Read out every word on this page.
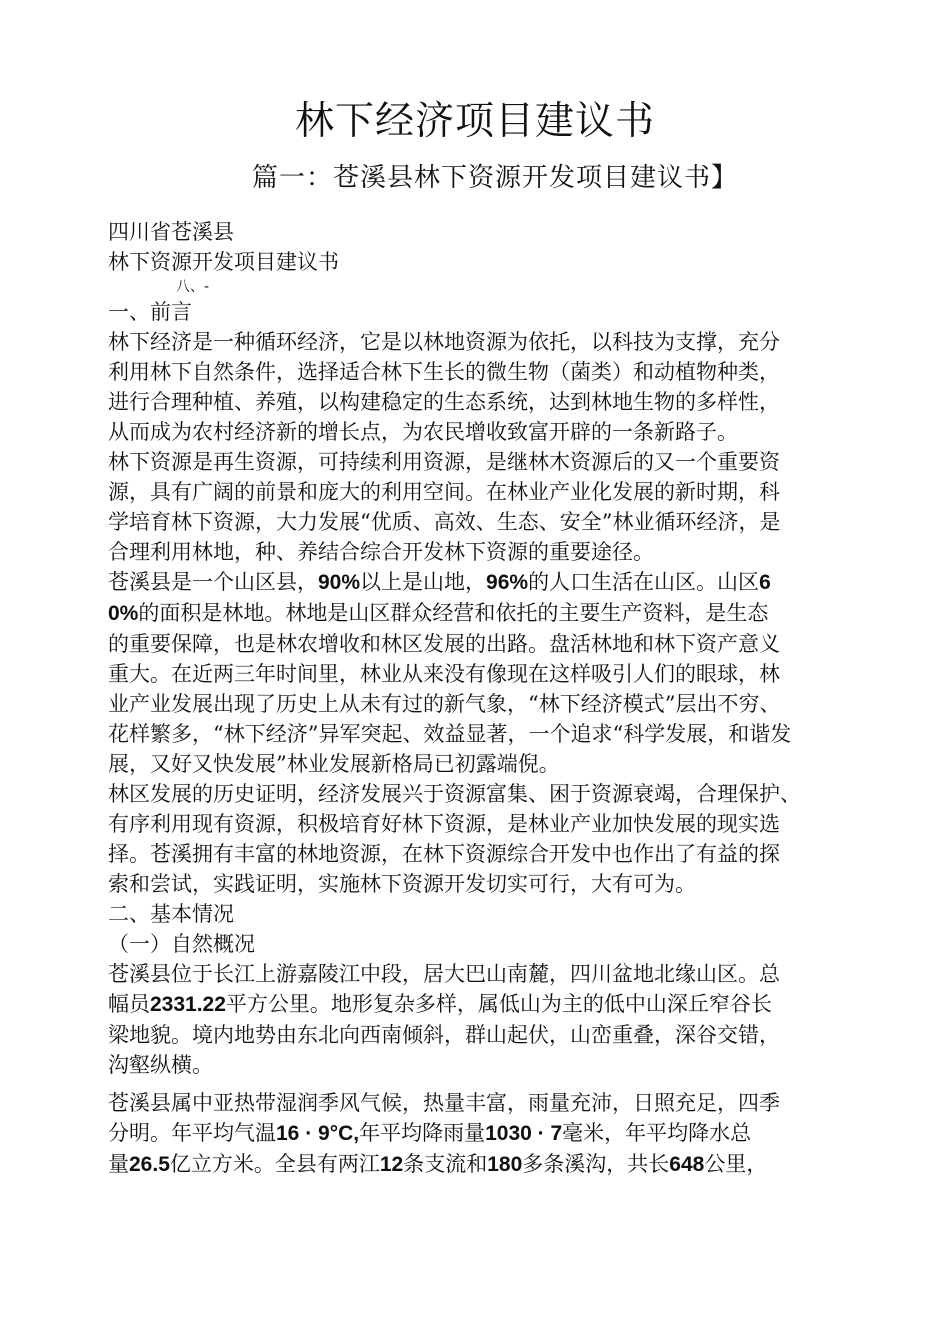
林下经济项目建议书
篇一：苍溪县林下资源开发项目建议书】

四川省苍溪县

林下资源开发项目建议书

八、-

一、前言

林下经济是一种循环经济，它是以林地资源为依托，以科技为支撑，充分

利用林下自然条件，选择适合林下生长的微生物（菌类）和动植物种类，

进行合理种植、养殖，以构建稳定的生态系统，达到林地生物的多样性，

从而成为农村经济新的增长点，为农民增收致富开辟的一条新路子。

林下资源是再生资源，可持续利用资源，是继林木资源后的又一个重要资

源，具有广阔的前景和庞大的利用空间。在林业产业化发展的新时期，科

学培育林下资源，大力发展“优质、高效、生态、安全”林业循环经济，是

合理利用林地，种、养结合综合开发林下资源的重要途径。

苍溪县是一个山区县，90%以上是山地，96%的人口生活在山区。山区6

0%的面积是林地。林地是山区群众经营和依托的主要生产资料，是生态

的重要保障，也是林农增收和林区发展的出路。盘活林地和林下资产意义

重大。在近两三年时间里，林业从来没有像现在这样吸引人们的眼球，林

业产业发展出现了历史上从未有过的新气象，“林下经济模式”层出不穷、

花样繁多，“林下经济”异军突起、效益显著，一个追求“科学发展，和谐发

展，又好又快发展”林业发展新格局已初露端倪。

林区发展的历史证明，经济发展兴于资源富集、困于资源衰竭，合理保护、

有序利用现有资源，积极培育好林下资源，是林业产业加快发展的现实选

择。苍溪拥有丰富的林地资源，在林下资源综合开发中也作出了有益的探

索和尝试，实践证明，实施林下资源开发切实可行，大有可为。

二、基本情况

（一）自然概况

苍溪县位于长江上游嘉陵江中段，居大巴山南麓，四川盆地北缘山区。总

幅员2331.22平方公里。地形复杂多样，属低山为主的低中山深丘窄谷长

梁地貌。境内地势由东北向西南倾斜，群山起伏，山峦重叠，深谷交错，

沟壑纵横。

苍溪县属中亚热带湿润季风气候，热量丰富，雨量充沛，日照充足，四季

分明。年平均气温16 · 9°C,年平均降雨量1030 · 7毫米，年平均降水总

量26.5亿立方米。全县有两江12条支流和180多条溪沟，共长648公里，
